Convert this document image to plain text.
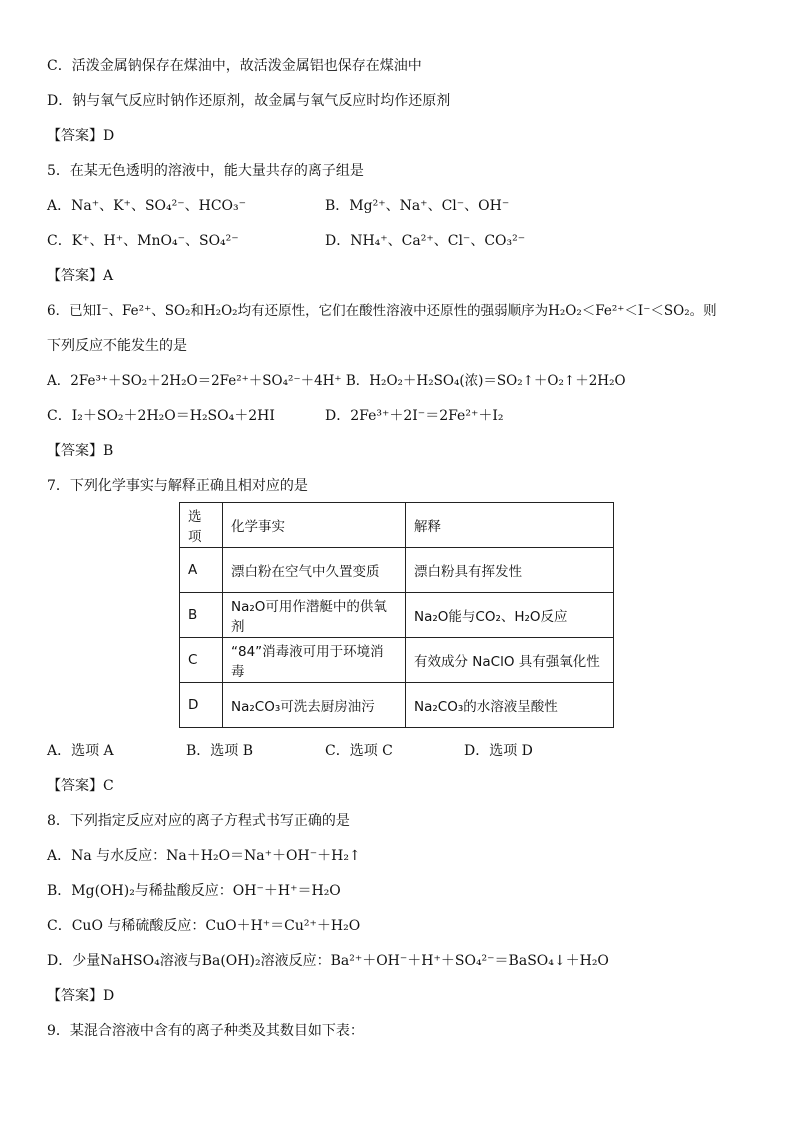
C．活泼金属钠保存在煤油中，故活泼金属铝也保存在煤油中
D．钠与氧气反应时钠作还原剂，故金属与氧气反应时均作还原剂
【答案】D
5．在某无色透明的溶液中，能大量共存的离子组是
A．Na⁺、K⁺、SO₄²⁻、HCO₃⁻	B．Mg²⁺、Na⁺、Cl⁻、OH⁻
C．K⁺、H⁺、MnO₄⁻、SO₄²⁻	D．NH₄⁺、Ca²⁺、Cl⁻、CO₃²⁻
【答案】A
6．已知I⁻、Fe²⁺、SO₂和H₂O₂均有还原性，它们在酸性溶液中还原性的强弱顺序为H₂O₂＜Fe²⁺＜I⁻＜SO₂。则
下列反应不能发生的是
A．2Fe³⁺＋SO₂＋2H₂O＝2Fe²⁺＋SO₄²⁻＋4H⁺ B．H₂O₂＋H₂SO₄(浓)＝SO₂↑＋O₂↑＋2H₂O
C．I₂＋SO₂＋2H₂O＝H₂SO₄＋2HI	D．2Fe³⁺＋2I⁻＝2Fe²⁺＋I₂
【答案】B
7．下列化学事实与解释正确且相对应的是
选项	化学事实	解释
A	漂白粉在空气中久置变质	漂白粉具有挥发性
B	Na₂O可用作潜艇中的供氧剂	Na₂O能与CO₂、H₂O反应
C	“84”消毒液可用于环境消毒	有效成分 NaClO 具有强氧化性
D	Na₂CO₃可洗去厨房油污	Na₂CO₃的水溶液呈酸性
A．选项 A	B．选项 B	C．选项 C	D．选项 D
【答案】C
8．下列指定反应对应的离子方程式书写正确的是
A．Na 与水反应：Na＋H₂O＝Na⁺＋OH⁻＋H₂↑
B．Mg(OH)₂与稀盐酸反应：OH⁻＋H⁺＝H₂O
C．CuO 与稀硫酸反应：CuO＋H⁺＝Cu²⁺＋H₂O
D．少量NaHSO₄溶液与Ba(OH)₂溶液反应：Ba²⁺＋OH⁻＋H⁺＋SO₄²⁻＝BaSO₄↓＋H₂O
【答案】D
9．某混合溶液中含有的离子种类及其数目如下表：
